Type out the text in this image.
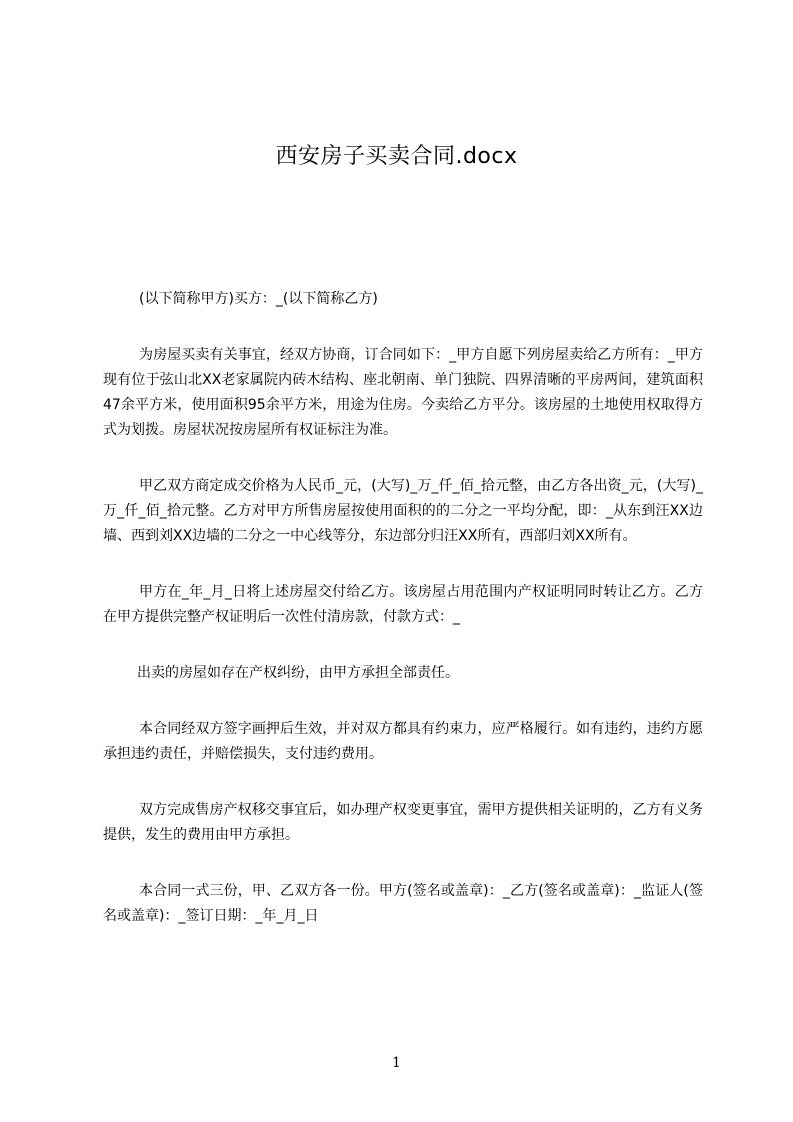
西安房子买卖合同.docx

(以下简称甲方)买方：_(以下简称乙方)

为房屋买卖有关事宜，经双方协商，订合同如下：_甲方自愿下列房屋卖给乙方所有：_甲方现有位于弦山北XX老家属院内砖木结构、座北朝南、单门独院、四界清晰的平房两间，建筑面积47余平方米，使用面积95余平方米，用途为住房。今卖给乙方平分。该房屋的土地使用权取得方式为划拨。房屋状况按房屋所有权证标注为准。

甲乙双方商定成交价格为人民币_元，(大写)_万_仟_佰_拾元整，由乙方各出资_元，(大写)_万_仟_佰_拾元整。乙方对甲方所售房屋按使用面积的的二分之一平均分配，即：_从东到汪XX边墙、西到刘XX边墙的二分之一中心线等分，东边部分归汪XX所有，西部归刘XX所有。

甲方在_年_月_日将上述房屋交付给乙方。该房屋占用范围内产权证明同时转让乙方。乙方在甲方提供完整产权证明后一次性付清房款，付款方式：_

出卖的房屋如存在产权纠纷，由甲方承担全部责任。

本合同经双方签字画押后生效，并对双方都具有约束力，应严格履行。如有违约，违约方愿承担违约责任，并赔偿损失，支付违约费用。

双方完成售房产权移交事宜后，如办理产权变更事宜，需甲方提供相关证明的，乙方有义务提供，发生的费用由甲方承担。

本合同一式三份，甲、乙双方各一份。甲方(签名或盖章)：_乙方(签名或盖章)：_监证人(签名或盖章)：_签订日期：_年_月_日

1
